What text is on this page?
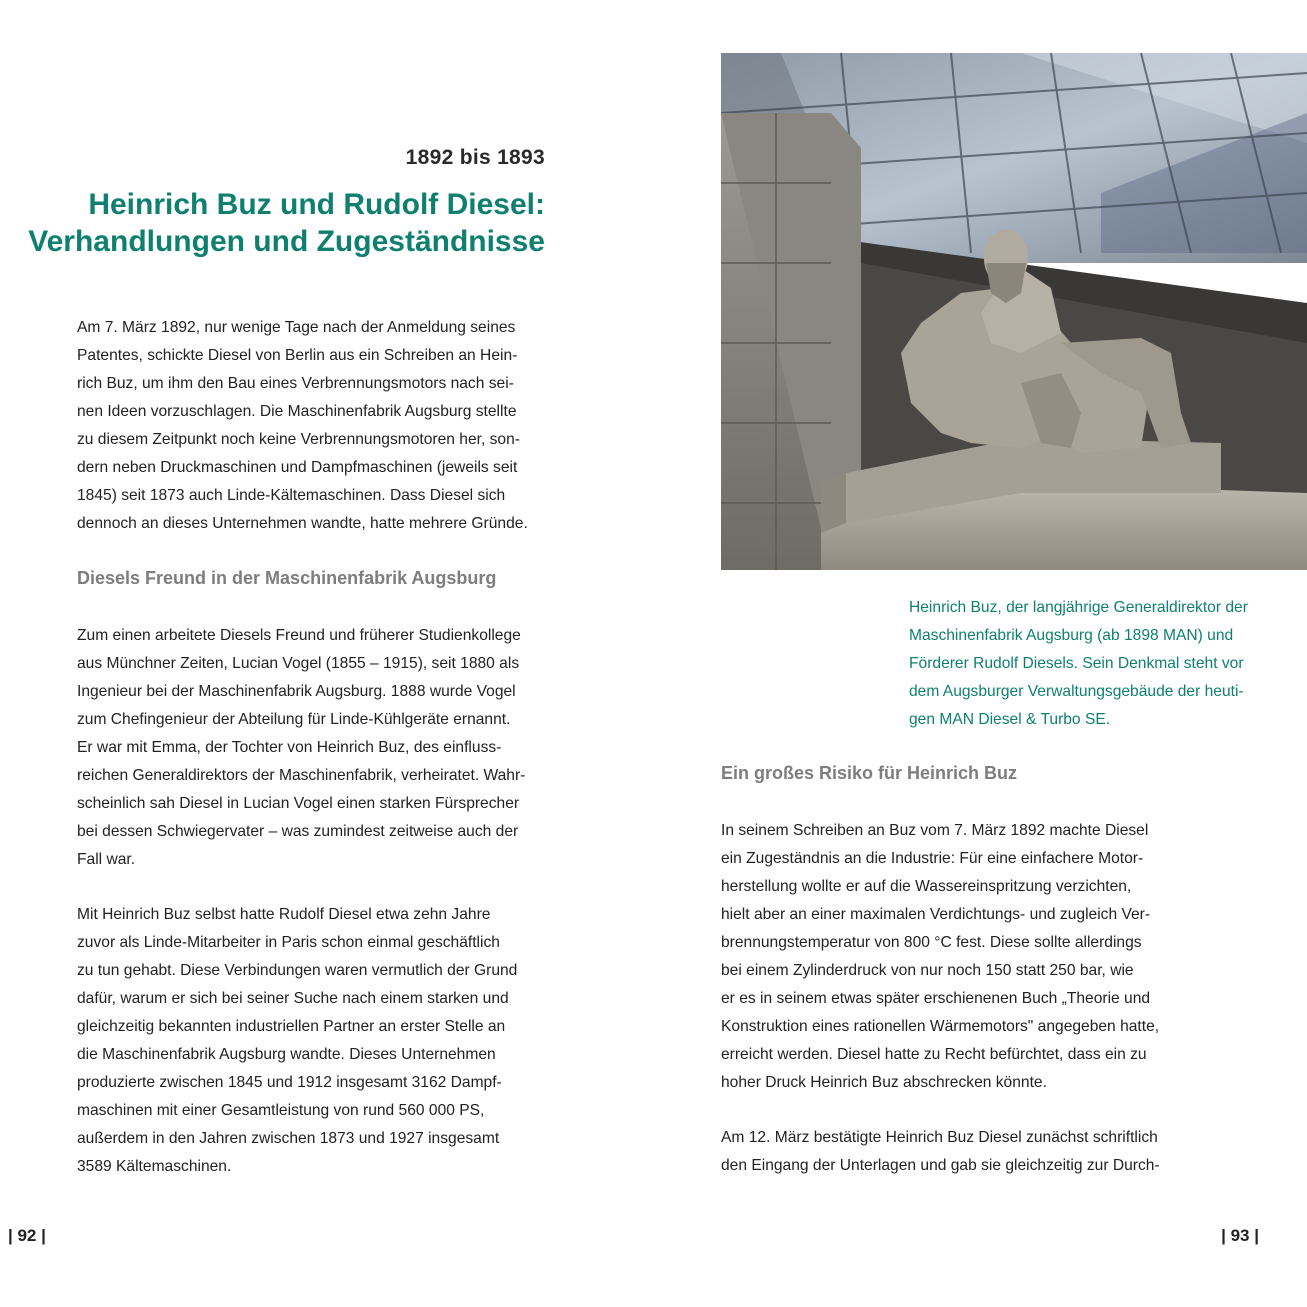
1892 bis 1893
Heinrich Buz und Rudolf Diesel:
Verhandlungen und Zugeständnisse

Am 7. März 1892, nur wenige Tage nach der Anmeldung seines

Patentes, schickte Diesel von Berlin aus ein Schreiben an Hein-

rich Buz, um ihm den Bau eines Verbrennungsmotors nach sei-

nen Ideen vorzuschlagen. Die Maschinenfabrik Augsburg stellte

zu diesem Zeitpunkt noch keine Verbrennungsmotoren her, son-

dern neben Druckmaschinen und Dampfmaschinen (jeweils seit

1845) seit 1873 auch Linde-Kältemaschinen. Dass Diesel sich

dennoch an dieses Unternehmen wandte, hatte mehrere Gründe.

Diesels Freund in der Maschinenfabrik Augsburg

Zum einen arbeitete Diesels Freund und früherer Studienkollege

aus Münchner Zeiten, Lucian Vogel (1855 – 1915), seit 1880 als

Ingenieur bei der Maschinenfabrik Augsburg. 1888 wurde Vogel

zum Chefingenieur der Abteilung für Linde-Kühlgeräte ernannt.

Er war mit Emma, der Tochter von Heinrich Buz, des einfluss-

reichen Generaldirektors der Maschinenfabrik, verheiratet. Wahr-

scheinlich sah Diesel in Lucian Vogel einen starken Fürsprecher

bei dessen Schwiegervater – was zumindest zeitweise auch der

Fall war.

Mit Heinrich Buz selbst hatte Rudolf Diesel etwa zehn Jahre

zuvor als Linde-Mitarbeiter in Paris schon einmal geschäftlich

zu tun gehabt. Diese Verbindungen waren vermutlich der Grund

dafür, warum er sich bei seiner Suche nach einem starken und

gleichzeitig bekannten industriellen Partner an erster Stelle an

die Maschinenfabrik Augsburg wandte. Dieses Unternehmen

produzierte zwischen 1845 und 1912 insgesamt 3162 Dampf-

maschinen mit einer Gesamtleistung von rund 560 000 PS,

außerdem in den Jahren zwischen 1873 und 1927 insgesamt

3589 Kältemaschinen.

| 92 |

Heinrich Buz, der langjährige Generaldirektor der

Maschinenfabrik Augsburg (ab 1898 MAN) und

Förderer Rudolf Diesels. Sein Denkmal steht vor

dem Augsburger Verwaltungsgebäude der heuti-

gen MAN Diesel & Turbo SE.

Ein großes Risiko für Heinrich Buz

In seinem Schreiben an Buz vom 7. März 1892 machte Diesel

ein Zugeständnis an die Industrie: Für eine einfachere Motor-

herstellung wollte er auf die Wassereinspritzung verzichten,

hielt aber an einer maximalen Verdichtungs- und zugleich Ver-

brennungstemperatur von 800 °C fest. Diese sollte allerdings

bei einem Zylinderdruck von nur noch 150 statt 250 bar, wie

er es in seinem etwas später erschienenen Buch „Theorie und

Konstruktion eines rationellen Wärmemotors" angegeben hatte,

erreicht werden. Diesel hatte zu Recht befürchtet, dass ein zu

hoher Druck Heinrich Buz abschrecken könnte.

Am 12. März bestätigte Heinrich Buz Diesel zunächst schriftlich

den Eingang der Unterlagen und gab sie gleichzeitig zur Durch-

| 93 |
